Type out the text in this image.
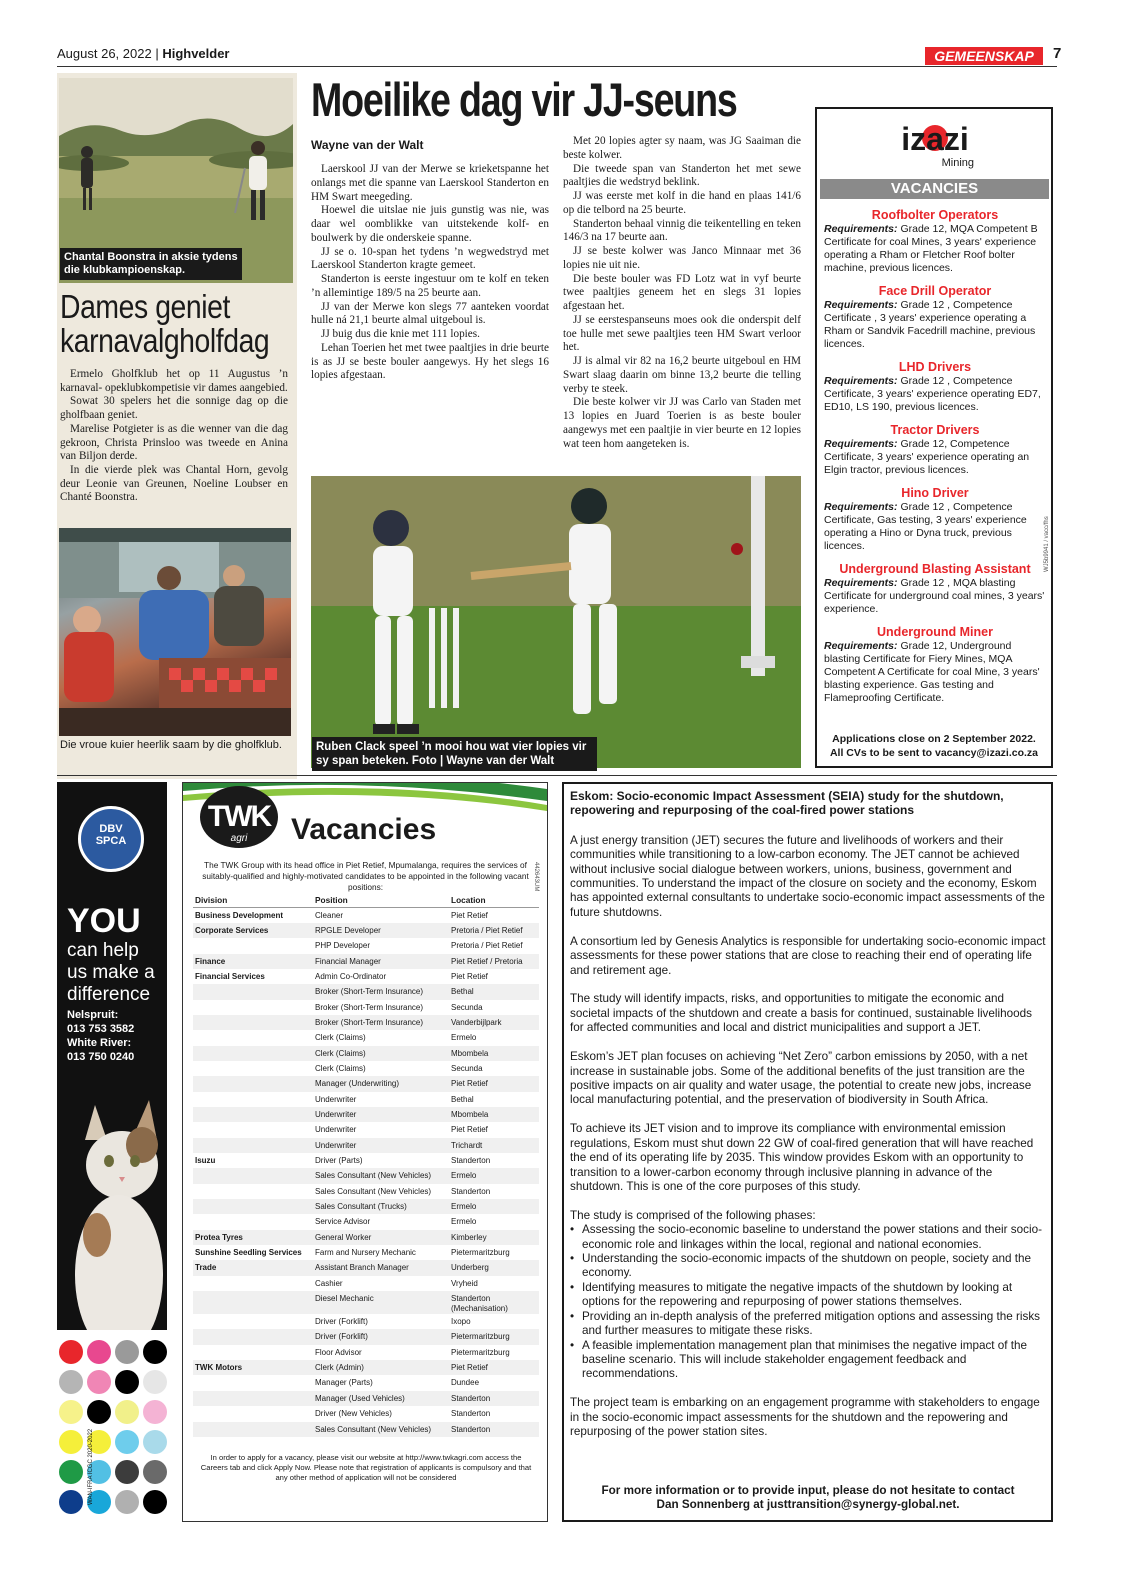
August 26, 2022 | Highvelder	GEMEENSKAP	7
Chantal Boonstra in aksie tydens die klubkampioenskap.
Dames geniet
karnavalgholfdag

Ermelo Gholfklub het op 11 Augustus ’n karnaval- opeklubkompetisie vir dames aangebied.

Sowat 30 spelers het die sonnige dag op die gholfbaan geniet.

Marelise Potgieter is as die wenner van die dag gekroon, Christa Prinsloo was tweede en Anina van Biljon derde.

In die vierde plek was Chantal Horn, gevolg deur Leonie van Greunen, Noeline Loubser en Chanté Boonstra.

Die vroue kuier heerlik saam by die gholfklub.
Moeilike dag vir JJ-seuns
Wayne van der Walt

Laerskool JJ van der Merwe se krieketspanne het onlangs met die spanne van Laerskool Standerton en HM Swart meegeding.

Hoewel die uitslae nie juis gunstig was nie, was daar wel oomblikke van uitstekende kolf- en boulwerk by die onderskeie spanne.

JJ se o. 10-span het tydens ’n wegwedstryd met Laerskool Standerton kragte gemeet.

Standerton is eerste ingestuur om te kolf en teken ’n allemintige 189/5 na 25 beurte aan.

JJ van der Merwe kon slegs 77 aanteken voordat hulle ná 21,1 beurte almal uitgeboul is.

JJ buig dus die knie met 111 lopies.

Lehan Toerien het met twee paaltjies in drie beurte is as JJ se beste bouler aangewys. Hy het slegs 16 lopies afgestaan.

Met 20 lopies agter sy naam, was JG Saaiman die beste kolwer.

Die tweede span van Standerton het met sewe paaltjies die wedstryd beklink.

JJ was eerste met kolf in die hand en plaas 141/6 op die telbord na 25 beurte.

Standerton behaal vinnig die teikentelling en teken 146/3 na 17 beurte aan.

JJ se beste kolwer was Janco Minnaar met 36 lopies nie uit nie.

Die beste bouler was FD Lotz wat in vyf beurte twee paaltjies geneem het en slegs 31 lopies afgestaan het.

JJ se eerstespanseuns moes ook die onderspit delf toe hulle met sewe paaltjies teen HM Swart verloor het.

JJ is almal vir 82 na 16,2 beurte uitgeboul en HM Swart slaag daarin om binne 13,2 beurte die telling verby te steek.

Die beste kolwer vir JJ was Carlo van Staden met 13 lopies en Juard Toerien is as beste bouler aangewys met een paaltjie in vier beurte en 12 lopies wat teen hom aangeteken is.

Ruben Clack speel ’n mooi hou wat vier lopies vir sy span beteken. Foto | Wayne van der Walt
izazi
Mining
VACANCIES
Roofbolter Operators
Requirements: Grade 12, MQA Competent B Certificate for coal Mines, 3 years' experience operating a Rham or Fletcher Roof bolter machine, previous licences.
Face Drill Operator
Requirements: Grade 12 , Competence Certificate , 3 years' experience operating a Rham or Sandvik Facedrill machine, previous licences.
LHD Drivers
Requirements: Grade 12 , Competence Certificate, 3 years' experience operating ED7, ED10, LS 190, previous licences.
Tractor Drivers
Requirements: Grade 12, Competence Certificate, 3 years' experience operating an Elgin tractor, previous licences.
Hino Driver
Requirements: Grade 12 , Competence Certificate, Gas testing, 3 years' experience operating a Hino or Dyna truck, previous licences.
Underground Blasting Assistant
Requirements: Grade 12 , MQA blasting Certificate for underground coal mines, 3 years' experience.
Underground Miner
Requirements: Grade 12, Underground blasting Certificate for Fiery Mines, MQA Competent A Certificate for coal Mine, 3 years' blasting experience. Gas testing and Flameproofing Certificate.
Applications close on 2 September 2022.
All CVs to be sent to vacancy@izazi.co.za
WJ5b9941 / vacc/fhs
DBV
SPCA
YOU
can help
us make a
difference
Nelspruit:
013 753 3582
White River:
013 750 0240
WAN-IFRA ICGC 2020-2022
TWK
agri	Vacancies
The TWK Group with its head office in Piet Retief, Mpumalanga, requires the services of suitably-qualified and highly-motivated candidates to be appointed in the following vacant positions:	442643UM
Division	Position	Location
Business Development	Cleaner	Piet Retief
Corporate Services	RPGLE Developer	Pretoria / Piet Retief
	PHP Developer	Pretoria / Piet Retief
Finance	Financial Manager	Piet Retief / Pretoria
Financial Services	Admin Co-Ordinator	Piet Retief
	Broker (Short-Term Insurance)	Bethal
	Broker (Short-Term Insurance)	Secunda
	Broker (Short-Term Insurance)	Vanderbijlpark
	Clerk (Claims)	Ermelo
	Clerk (Claims)	Mbombela
	Clerk (Claims)	Secunda
	Manager (Underwriting)	Piet Retief
	Underwriter	Bethal
	Underwriter	Mbombela
	Underwriter	Piet Retief
	Underwriter	Trichardt
Isuzu	Driver (Parts)	Standerton
	Sales Consultant (New Vehicles)	Ermelo
	Sales Consultant (New Vehicles)	Standerton
	Sales Consultant (Trucks)	Ermelo
	Service Advisor	Ermelo
Protea Tyres	General Worker	Kimberley
Sunshine Seedling Services	Farm and Nursery Mechanic	Pietermaritzburg
Trade	Assistant Branch Manager	Underberg
	Cashier	Vryheid
	Diesel Mechanic	Standerton (Mechanisation)
	Driver (Forklift)	Ixopo
	Driver (Forklift)	Pietermaritzburg
	Floor Advisor	Pietermaritzburg
TWK Motors	Clerk (Admin)	Piet Retief
	Manager (Parts)	Dundee
	Manager (Used Vehicles)	Standerton
	Driver (New Vehicles)	Standerton
	Sales Consultant (New Vehicles)	Standerton
In order to apply for a vacancy, please visit our website at http://www.twkagri.com access the Careers tab and click Apply Now. Please note that registration of applicants is compulsory and that any other method of application will not be considered
Eskom: Socio-economic Impact Assessment (SEIA) study for the shutdown, repowering and repurposing of the coal-fired power stations

A just energy transition (JET) secures the future and livelihoods of workers and their communities while transitioning to a low-carbon economy. The JET cannot be achieved without inclusive social dialogue between workers, unions, business, government and communities. To understand the impact of the closure on society and the economy, Eskom has appointed external consultants to undertake socio-economic impact assessments of the future shutdowns.

A consortium led by Genesis Analytics is responsible for undertaking socio-economic impact assessments for these power stations that are close to reaching their end of operating life and retirement age.

The study will identify impacts, risks, and opportunities to mitigate the economic and societal impacts of the shutdown and create a basis for continued, sustainable livelihoods for affected communities and local and district municipalities and support a JET.

Eskom’s JET plan focuses on achieving “Net Zero” carbon emissions by 2050, with a net increase in sustainable jobs. Some of the additional benefits of the just transition are the positive impacts on air quality and water usage, the potential to create new jobs, increase local manufacturing potential, and the preservation of biodiversity in South Africa.

To achieve its JET vision and to improve its compliance with environmental emission regulations, Eskom must shut down 22 GW of coal-fired generation that will have reached the end of its operating life by 2035. This window provides Eskom with an opportunity to transition to a lower-carbon economy through inclusive planning in advance of the shutdown. This is one of the core purposes of this study.

The study is comprised of the following phases:
• Assessing the socio-economic baseline to understand the power stations and their socio-economic role and linkages within the local, regional and national economies.
• Understanding the socio-economic impacts of the shutdown on people, society and the economy.
• Identifying measures to mitigate the negative impacts of the shutdown by looking at options for the repowering and repurposing of power stations themselves.
• Providing an in-depth analysis of the preferred mitigation options and assessing the risks and further measures to mitigate these risks.
• A feasible implementation management plan that minimises the negative impact of the baseline scenario. This will include stakeholder engagement feedback and recommendations.

The project team is embarking on an engagement programme with stakeholders to engage in the socio-economic impact assessments for the shutdown and the repowering and repurposing of the power station sites.

For more information or to provide input, please do not hesitate to contact
Dan Sonnenberg at justtransition@synergy-global.net.
